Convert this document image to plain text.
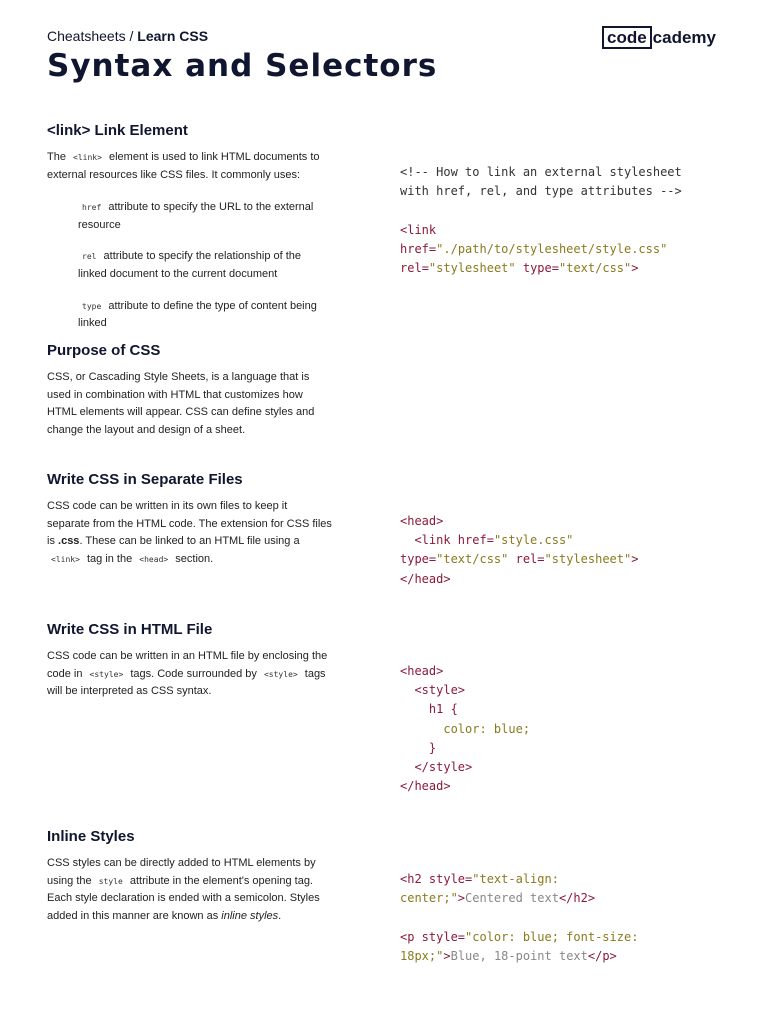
Cheatsheets / Learn CSS
Syntax and Selectors
code cademy
<link> Link Element

The <link> element is used to link HTML documents to external resources like CSS files. It commonly uses:

href attribute to specify the URL to the external resource
rel attribute to specify the relationship of the linked document to the current document
type attribute to define the type of content being linked
<!-- How to link an external stylesheet
with href, rel, and type attributes -->

<link
href="./path/to/stylesheet/style.css"
rel="stylesheet" type="text/css">
Purpose of CSS

CSS, or Cascading Style Sheets, is a language that is used in combination with HTML that customizes how HTML elements will appear. CSS can define styles and change the layout and design of a sheet.

Write CSS in Separate Files

CSS code can be written in its own files to keep it separate from the HTML code. The extension for CSS files is .css. These can be linked to an HTML file using a <link> tag in the <head> section.

<head>
<link href="style.css"
type="text/css" rel="stylesheet">
</head>
Write CSS in HTML File

CSS code can be written in an HTML file by enclosing the code in <style> tags. Code surrounded by <style> tags will be interpreted as CSS syntax.

<head>
<style>
h1 {
color: blue;
}
</style>
</head>
Inline Styles

CSS styles can be directly added to HTML elements by using the style attribute in the element's opening tag. Each style declaration is ended with a semicolon. Styles added in this manner are known as inline styles.

<h2 style="text-align:
center;">Centered text</h2>

<p style="color: blue; font-size:
18px;">Blue, 18-point text</p>
